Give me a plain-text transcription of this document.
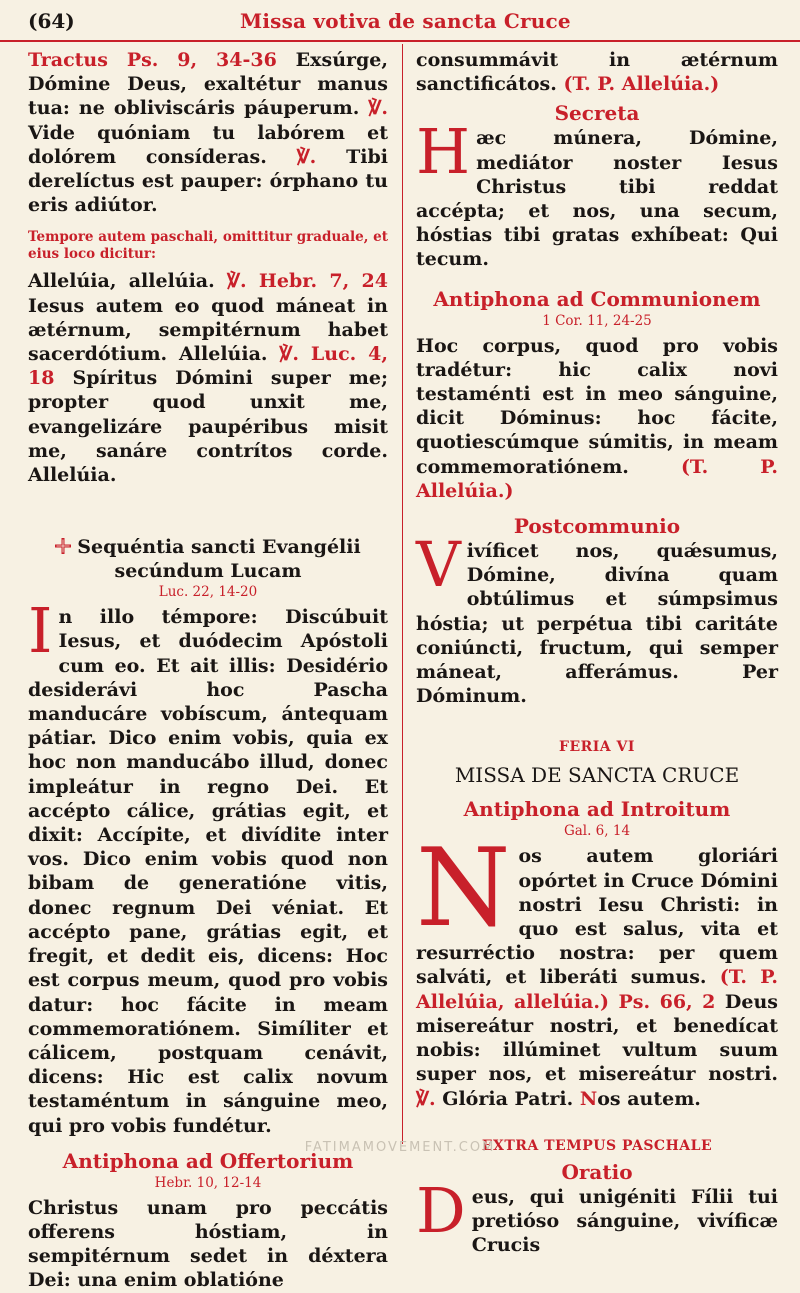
(64)	Missa votiva de sancta Cruce

Tractus Ps. 9, 34-36 Exsúrge, Dómine Deus, exaltétur manus tua: ne obliviscáris páuperum. ℣. Vide quóniam tu labórem et dolórem consíderas. ℣. Tibi derelíctus est pauper: órphano tu eris adiútor.

Tempore autem paschali, omittitur graduale, et eius loco dicitur:

Allelúia, allelúia. ℣. Hebr. 7, 24 Iesus autem eo quod máneat in ætérnum, sempitérnum habet sacerdótium. Allelúia. ℣. Luc. 4, 18 Spíritus Dómini super me; propter quod unxit me, evangelizáre paupéribus misit me, sanáre contrítos corde. Allelúia.

Sequéntia sancti Evangélii
secúndum Lucam

Luc. 22, 14-20

In illo témpore: Discúbuit Iesus, et duódecim Apóstoli cum eo. Et ait illis: Desidério desiderávi hoc Pascha manducáre vobíscum, ántequam pátiar. Dico enim vobis, quia ex hoc non manducábo illud, donec impleátur in regno Dei. Et accépto cálice, grátias egit, et dixit: Accípite, et divídite inter vos. Dico enim vobis quod non bibam de generatióne vitis, donec regnum Dei véniat. Et accépto pane, grátias egit, et fregit, et dedit eis, dicens: Hoc est corpus meum, quod pro vobis datur: hoc fácite in meam commemoratiónem. Simíliter et cálicem, postquam cenávit, dicens: Hic est calix novum testaméntum in sánguine meo, qui pro vobis fundétur.

Antiphona ad Offertorium

Hebr. 10, 12-14

Christus unam pro peccátis offerens hóstiam, in sempitérnum sedet in déxtera Dei: una enim oblatióne

consummávit in ætérnum sanctificátos. (T. P. Allelúia.)

Secreta

Hæc múnera, Dómine, mediátor noster Iesus Christus tibi reddat accépta; et nos, una secum, hóstias tibi gratas exhíbeat: Qui tecum.

Antiphona ad Communionem

1 Cor. 11, 24-25

Hoc corpus, quod pro vobis tradétur: hic calix novi testaménti est in meo sánguine, dicit Dóminus: hoc fácite, quotiescúmque súmitis, in meam commemoratiónem. (T. P. Allelúia.)

Postcommunio

Vivíficet nos, quǽsumus, Dómine, divína quam obtúlimus et súmpsimus hóstia; ut perpétua tibi caritáte coniúncti, fructum, qui semper máneat, afferámus. Per Dóminum.

FERIA VI

MISSA DE SANCTA CRUCE

Antiphona ad Introitum

Gal. 6, 14

Nos autem gloriári opórtet in Cruce Dómini nostri Iesu Christi: in quo est salus, vita et resurréctio nostra: per quem salváti, et liberáti sumus. (T. P. Allelúia, allelúia.) Ps. 66, 2 Deus misereátur nostri, et benedícat nobis: illúminet vultum suum super nos, et misereátur nostri. ℣. Glória Patri. Nos autem.

EXTRA TEMPUS PASCHALE

Oratio

Deus, qui unigéniti Fílii tui pretióso sánguine, vivíficæ Crucis

FATIMAMOVEMENT.COM
